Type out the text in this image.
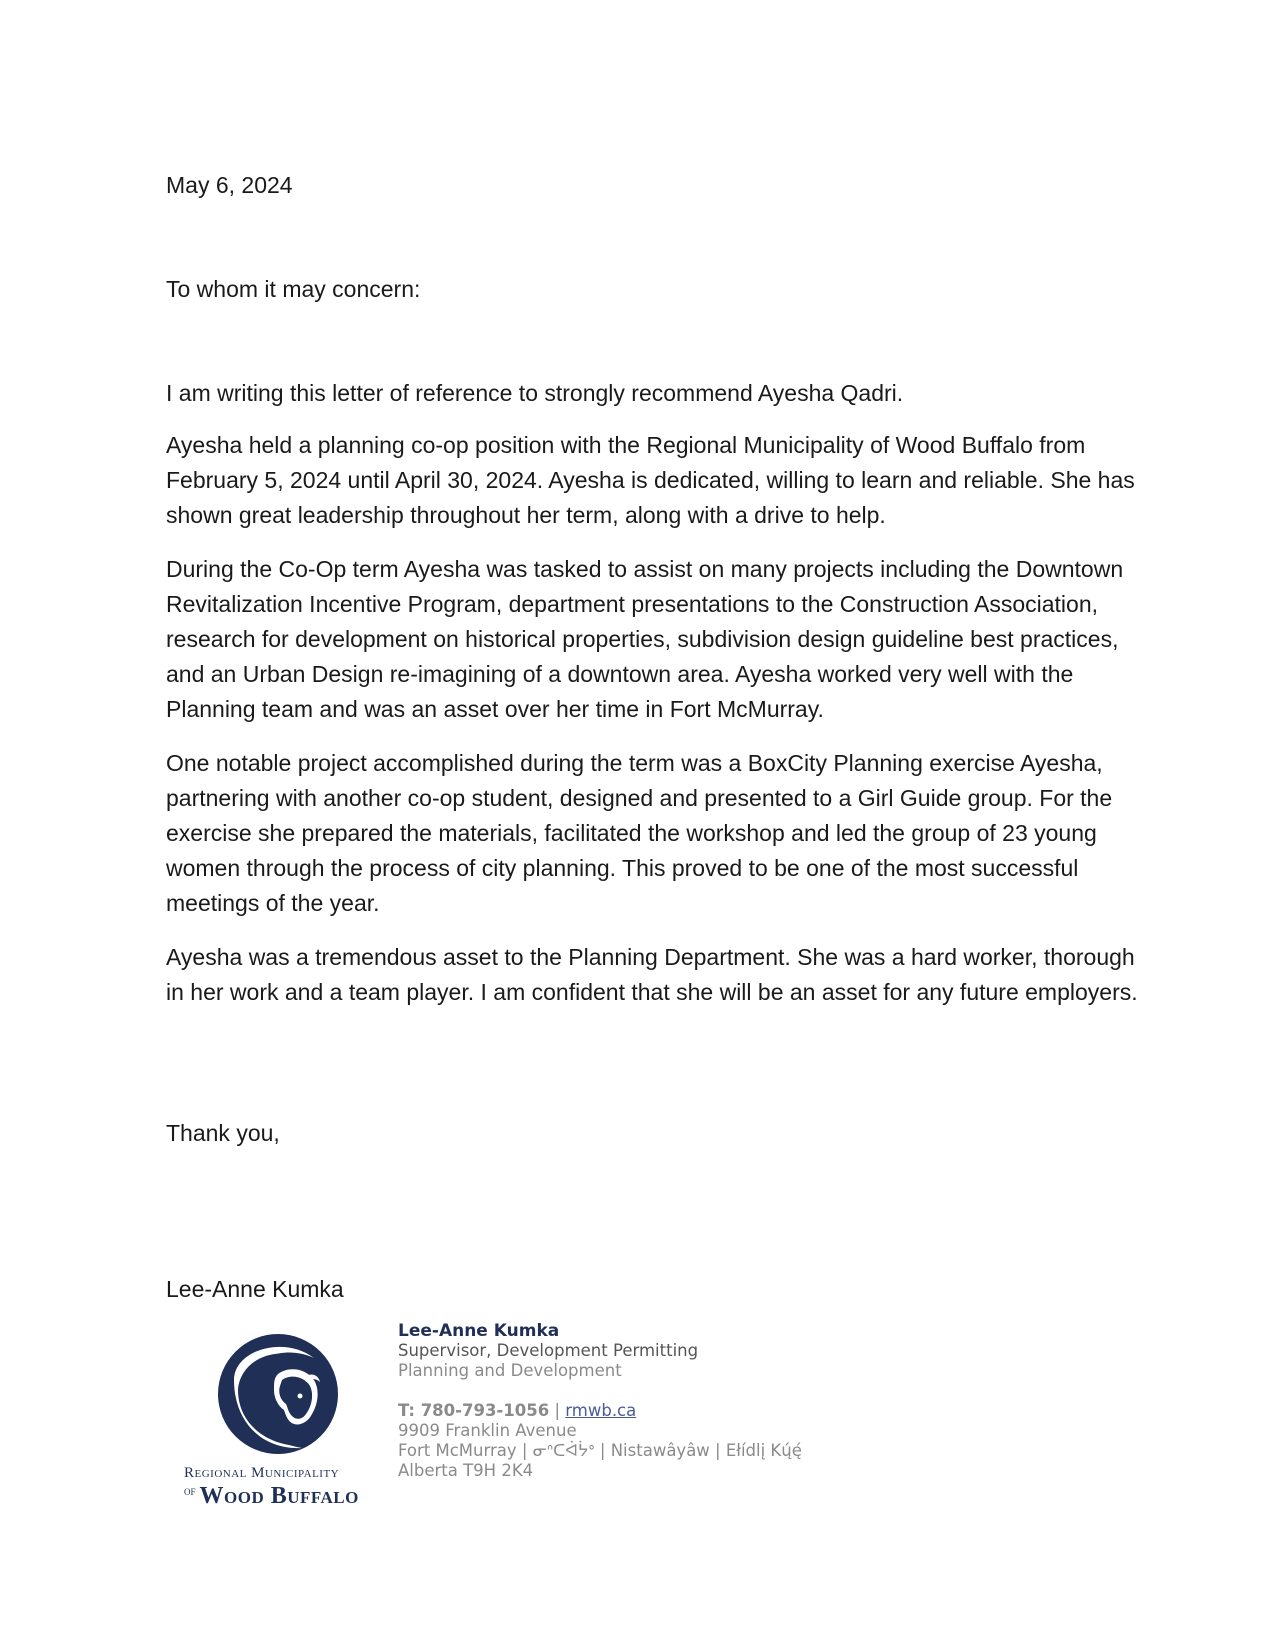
May 6, 2024

To whom it may concern:

I am writing this letter of reference to strongly recommend Ayesha Qadri.

Ayesha held a planning co-op position with the Regional Municipality of Wood Buffalo from February 5, 2024 until April 30, 2024. Ayesha is dedicated, willing to learn and reliable. She has shown great leadership throughout her term, along with a drive to help.

During the Co-Op term Ayesha was tasked to assist on many projects including the Downtown Revitalization Incentive Program, department presentations to the Construction Association, research for development on historical properties, subdivision design guideline best practices, and an Urban Design re-imagining of a downtown area. Ayesha worked very well with the Planning team and was an asset over her time in Fort McMurray.

One notable project accomplished during the term was a BoxCity Planning exercise Ayesha, partnering with another co-op student, designed and presented to a Girl Guide group. For the exercise she prepared the materials, facilitated the workshop and led the group of 23 young women through the process of city planning. This proved to be one of the most successful meetings of the year.

Ayesha was a tremendous asset to the Planning Department. She was a hard worker, thorough in her work and a team player. I am confident that she will be an asset for any future employers.

Thank you,

Lee-Anne Kumka

Regional Municipality

$^{of}$ Wood Buffalo

Lee-Anne Kumka
Supervisor, Development Permitting
Planning and Development
T: 780-793-1056 | rmwb.ca
9909 Franklin Avenue
Fort McMurray | ᓂᐢᑕᐋᔮᐤ | Nistawâyâw | Ełídlį Kų́ę́
Alberta T9H 2K4
